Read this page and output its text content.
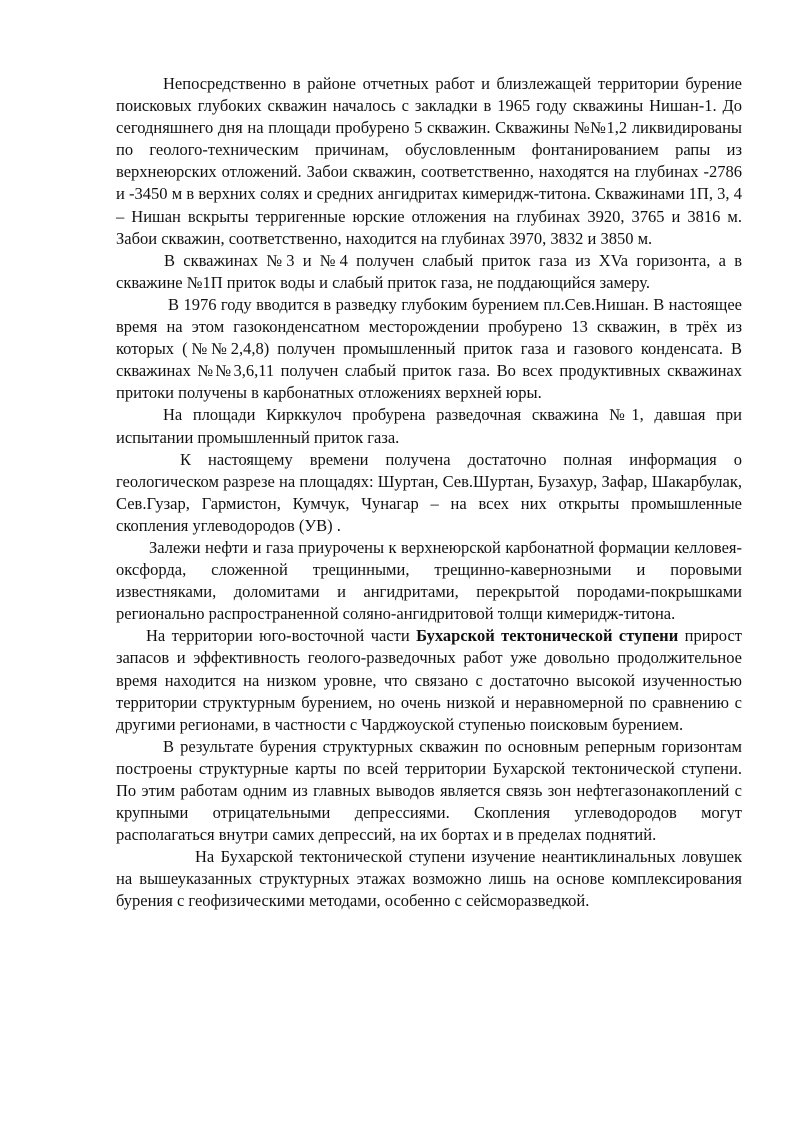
Непосредственно в районе отчетных работ и близлежащей территории бурение поисковых глубоких скважин началось с закладки в 1965 году скважины Нишан-1. До сегодняшнего дня на площади пробурено 5 скважин. Скважины №№1,2 ликвидированы по геолого-техническим причинам, обусловленным фонтанированием рапы из верхнеюрских отложений. Забои скважин, соответственно, находятся на глубинах -2786 и -3450 м в верхних солях и средних ангидритах кимеридж-титона. Скважинами 1П, 3, 4 – Нишан вскрыты терригенные юрские отложения на глубинах 3920, 3765 и 3816 м. Забои скважин, соответственно, находится на глубинах 3970, 3832 и 3850 м.

В скважинах №3 и №4 получен слабый приток газа из XVa горизонта, а в скважине №1П приток воды и слабый приток газа, не поддающийся замеру.

В 1976 году вводится в разведку глубоким бурением пл.Сев.Нишан. В настоящее время на этом газоконденсатном месторождении пробурено 13 скважин, в трёх из которых (№№2,4,8) получен промышленный приток газа и газового конденсата. В скважинах №№3,6,11 получен слабый приток газа. Во всех продуктивных скважинах притоки получены в карбонатных отложениях верхней юры.

На площади Кирккулоч пробурена разведочная скважина №1, давшая при испытании промышленный приток газа.

К настоящему времени получена достаточно полная информация о геологическом разрезе на площадях: Шуртан, Сев.Шуртан, Бузахур, Зафар, Шакарбулак, Сев.Гузар, Гармистон, Кумчук, Чунагар – на всех них открыты промышленные скопления углеводородов (УВ) .

Залежи нефти и газа приурочены к верхнеюрской карбонатной формации келловея-оксфорда, сложенной трещинными, трещинно-кавернозными и поровыми известняками, доломитами и ангидритами, перекрытой породами-покрышками регионально распространенной соляно-ангидритовой толщи кимеридж-титона.

На территории юго-восточной части Бухарской тектонической ступени прирост запасов и эффективность геолого-разведочных работ уже довольно продолжительное время находится на низком уровне, что связано с достаточно высокой изученностью территории структурным бурением, но очень низкой и неравномерной по сравнению с другими регионами, в частности с Чарджоуской ступенью поисковым бурением.

В результате бурения структурных скважин по основным реперным горизонтам построены структурные карты по всей территории Бухарской тектонической ступени. По этим работам одним из главных выводов является связь зон нефтегазонакоплений с крупными отрицательными депрессиями. Скопления углеводородов могут располагаться внутри самих депрессий, на их бортах и в пределах поднятий.

На Бухарской тектонической ступени изучение неантиклинальных ловушек на вышеуказанных структурных этажах возможно лишь на основе комплексирования бурения с геофизическими методами, особенно с сейсморазведкой.
